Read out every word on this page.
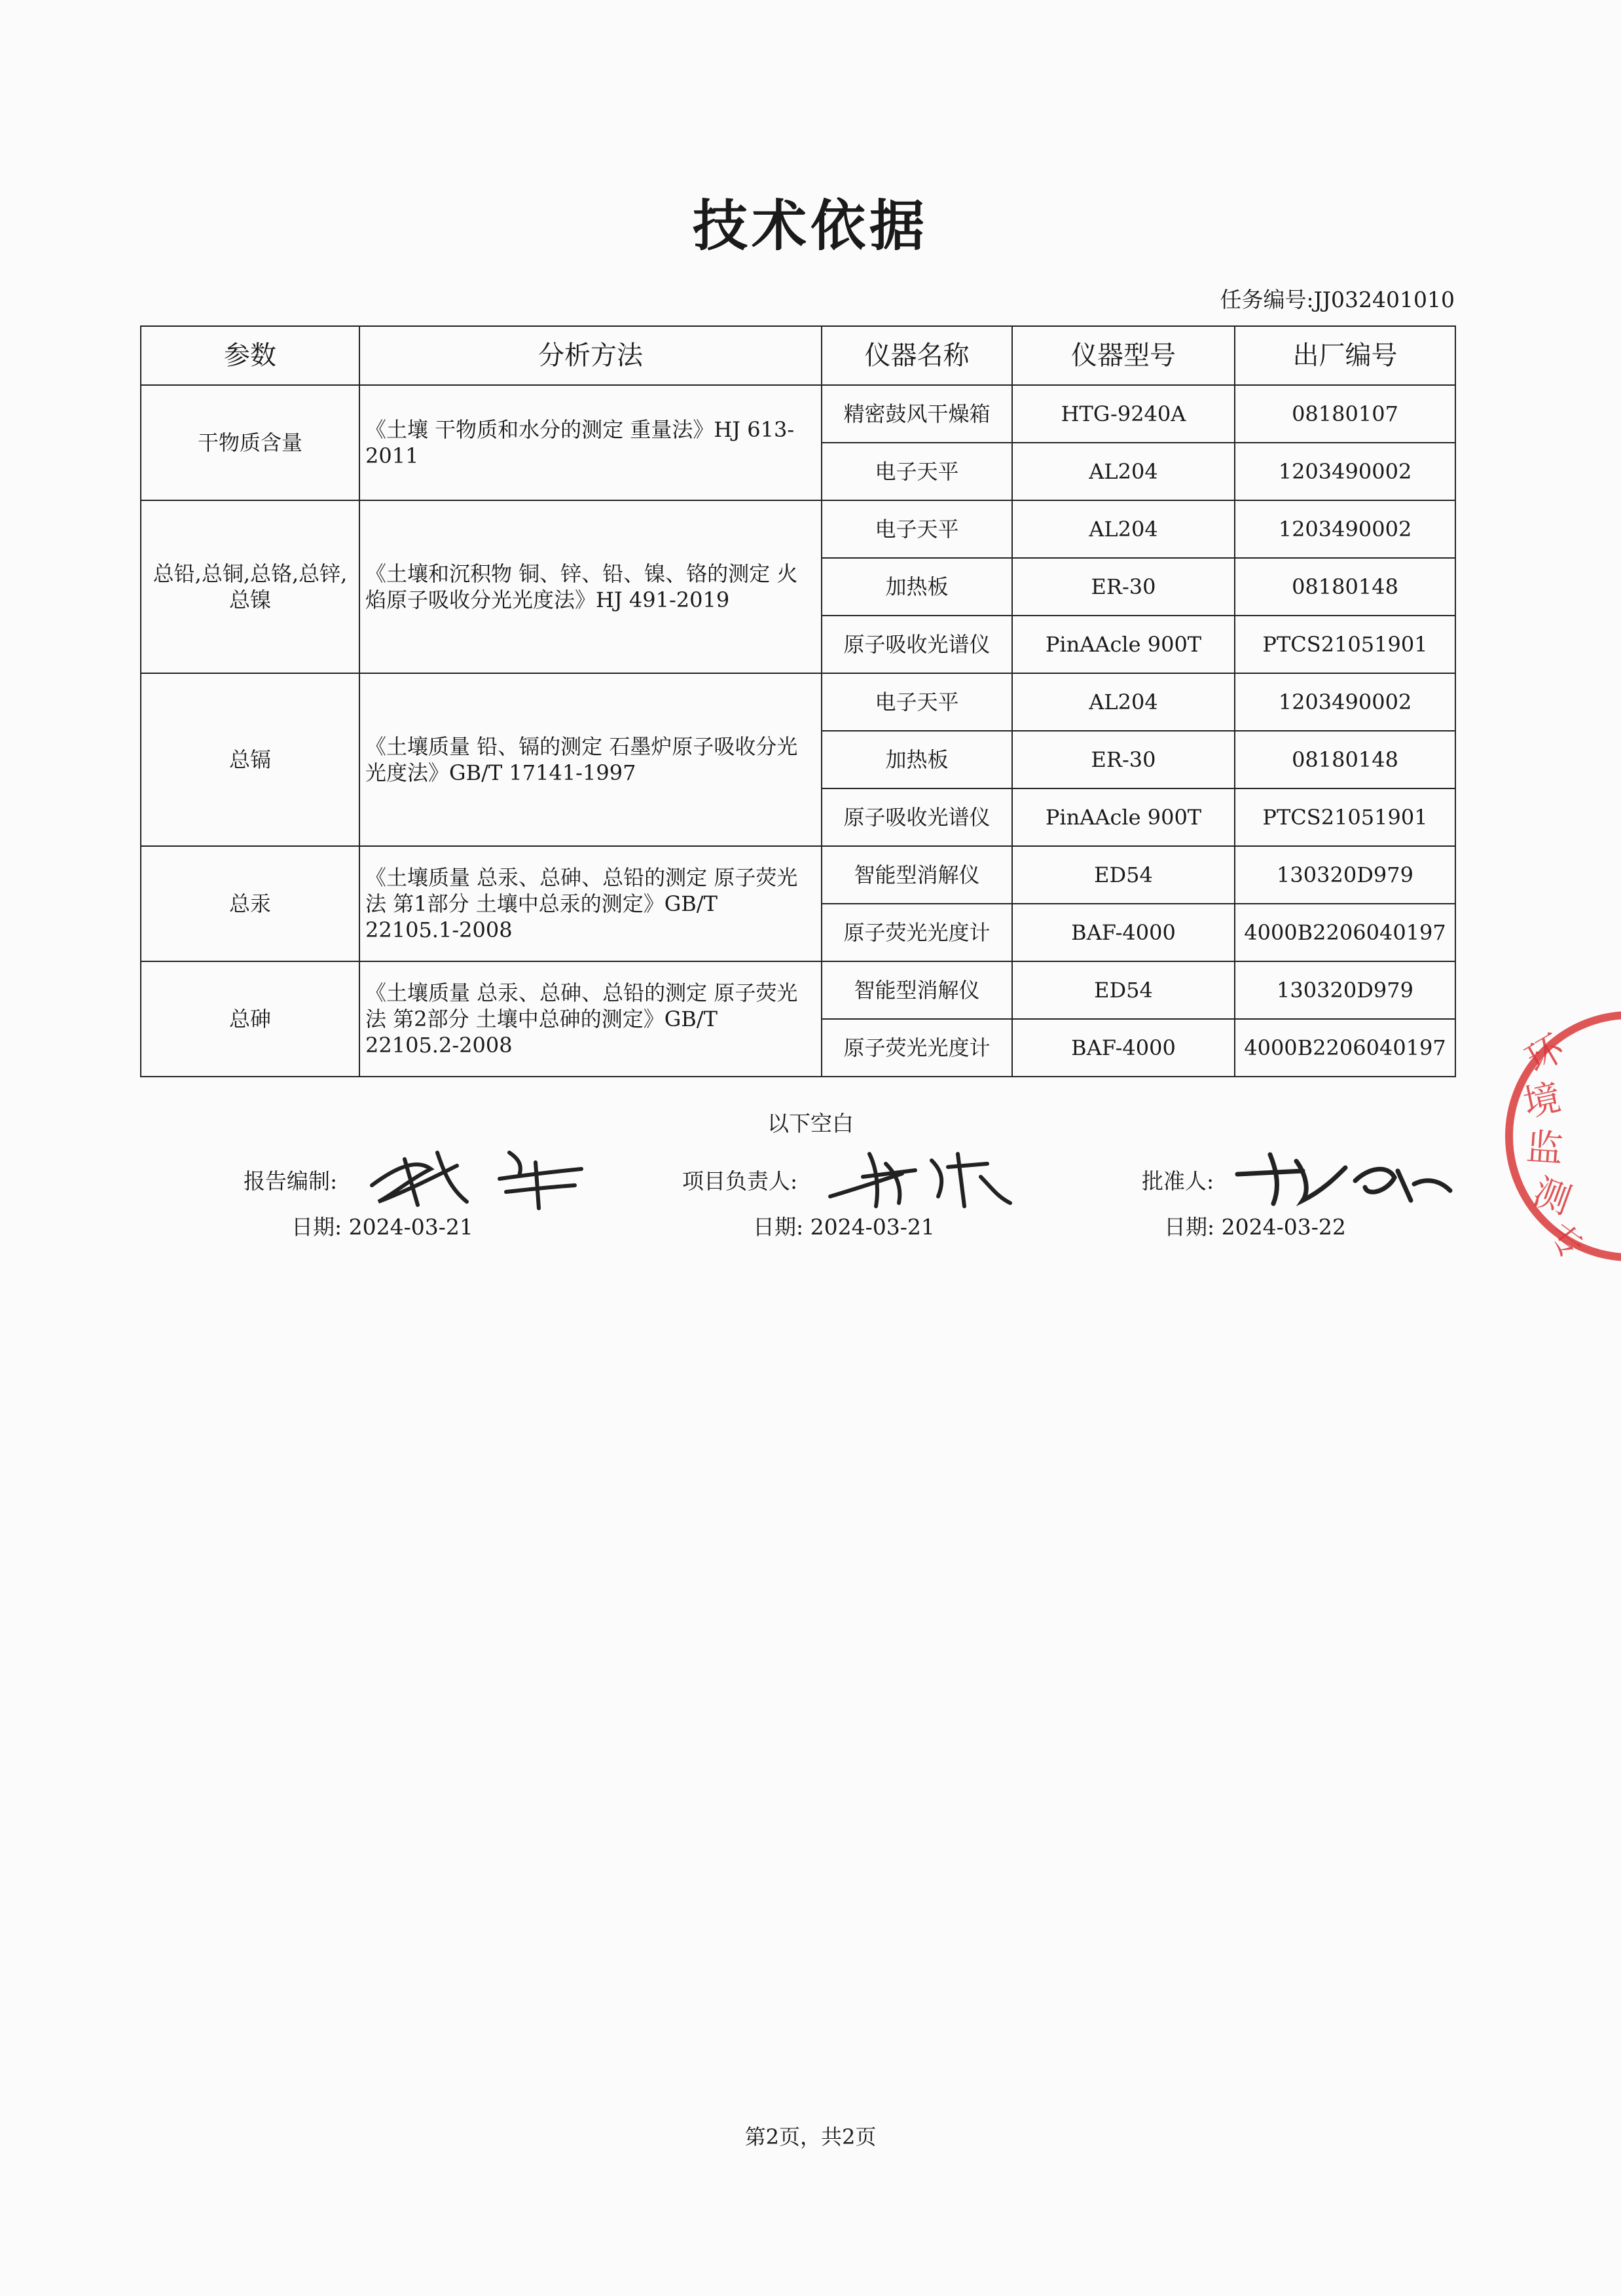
技术依据
任务编号:JJ032401010
参数	分析方法	仪器名称	仪器型号	出厂编号
干物质含量	《土壤 干物质和水分的测定 重量法》HJ 613-2011	精密鼓风干燥箱	HTG-9240A	08180107
		电子天平	AL204	1203490002
总铅,总铜,总铬,总锌,总镍	《土壤和沉积物 铜、锌、铅、镍、铬的测定 火焰原子吸收分光光度法》HJ 491-2019	电子天平	AL204	1203490002
		加热板	ER-30	08180148
		原子吸收光谱仪	PinAAcle 900T	PTCS21051901
总镉	《土壤质量 铅、镉的测定 石墨炉原子吸收分光光度法》GB/T 17141-1997	电子天平	AL204	1203490002
		加热板	ER-30	08180148
		原子吸收光谱仪	PinAAcle 900T	PTCS21051901
总汞	《土壤质量 总汞、总砷、总铅的测定 原子荧光法 第1部分 土壤中总汞的测定》GB/T 22105.1-2008	智能型消解仪	ED54	130320D979
		原子荧光光度计	BAF-4000	4000B2206040197
总砷	《土壤质量 总汞、总砷、总铅的测定 原子荧光法 第2部分 土壤中总砷的测定》GB/T 22105.2-2008	智能型消解仪	ED54	130320D979
		原子荧光光度计	BAF-4000	4000B2206040197
以下空白
报告编制:
日期: 2024-03-21
项目负责人:
日期: 2024-03-21
批准人:
日期: 2024-03-22
环
境
监
测
专
第2页，共2页
